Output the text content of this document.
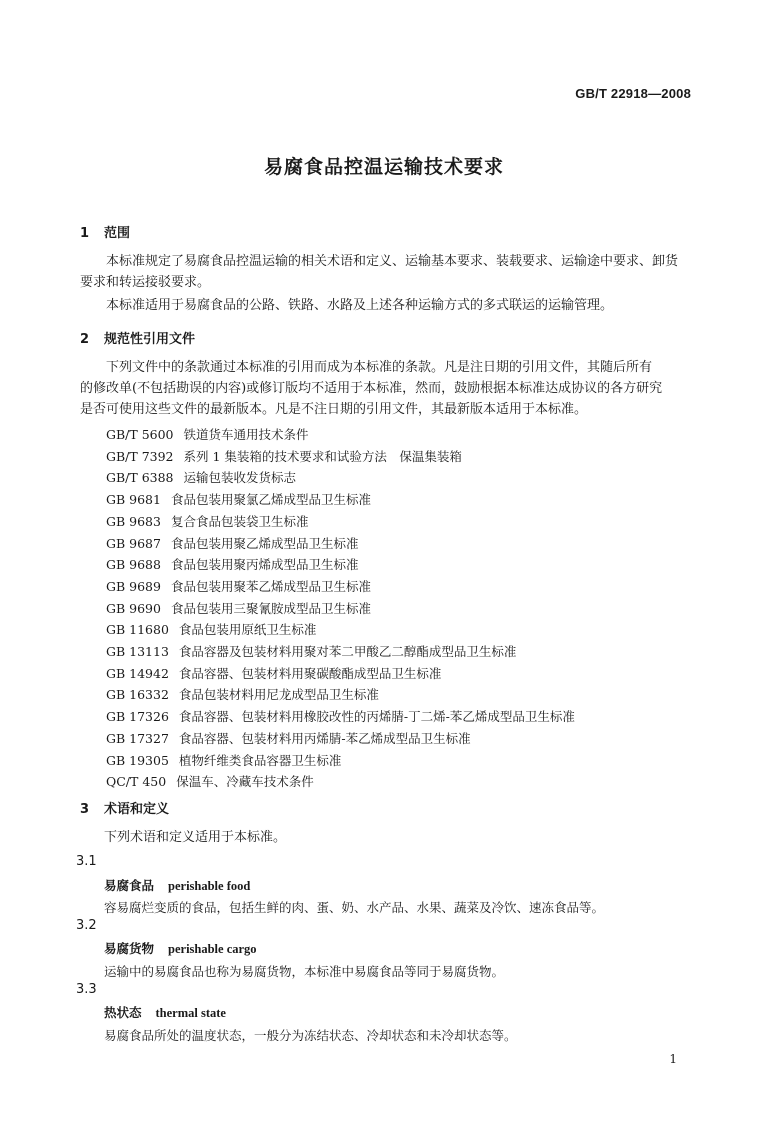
GB/T 22918—2008
易腐食品控温运输技术要求
1 范围
本标准规定了易腐食品控温运输的相关术语和定义、运输基本要求、装载要求、运输途中要求、卸货
要求和转运接驳要求。
本标准适用于易腐食品的公路、铁路、水路及上述各种运输方式的多式联运的运输管理。
2 规范性引用文件
下列文件中的条款通过本标准的引用而成为本标准的条款。凡是注日期的引用文件，其随后所有
的修改单(不包括勘误的内容)或修订版均不适用于本标准，然而，鼓励根据本标准达成协议的各方研究
是否可使用这些文件的最新版本。凡是不注日期的引用文件，其最新版本适用于本标准。
GB/T 5600 铁道货车通用技术条件
GB/T 7392 系列 1 集装箱的技术要求和试验方法　保温集装箱
GB/T 6388 运输包装收发货标志
GB 9681 食品包装用聚氯乙烯成型品卫生标准
GB 9683 复合食品包装袋卫生标准
GB 9687 食品包装用聚乙烯成型品卫生标准
GB 9688 食品包装用聚丙烯成型品卫生标准
GB 9689 食品包装用聚苯乙烯成型品卫生标准
GB 9690 食品包装用三聚氰胺成型品卫生标准
GB 11680 食品包装用原纸卫生标准
GB 13113 食品容器及包装材料用聚对苯二甲酸乙二醇酯成型品卫生标准
GB 14942 食品容器、包装材料用聚碳酸酯成型品卫生标准
GB 16332 食品包装材料用尼龙成型品卫生标准
GB 17326 食品容器、包装材料用橡胶改性的丙烯腈-丁二烯-苯乙烯成型品卫生标准
GB 17327 食品容器、包装材料用丙烯腈-苯乙烯成型品卫生标准
GB 19305 植物纤维类食品容器卫生标准
QC/T 450 保温车、冷藏车技术条件
3 术语和定义
下列术语和定义适用于本标准。
3.1
易腐食品 perishable food
容易腐烂变质的食品，包括生鲜的肉、蛋、奶、水产品、水果、蔬菜及冷饮、速冻食品等。
3.2
易腐货物 perishable cargo
运输中的易腐食品也称为易腐货物，本标准中易腐食品等同于易腐货物。
3.3
热状态 thermal state
易腐食品所处的温度状态，一般分为冻结状态、冷却状态和未冷却状态等。
1
